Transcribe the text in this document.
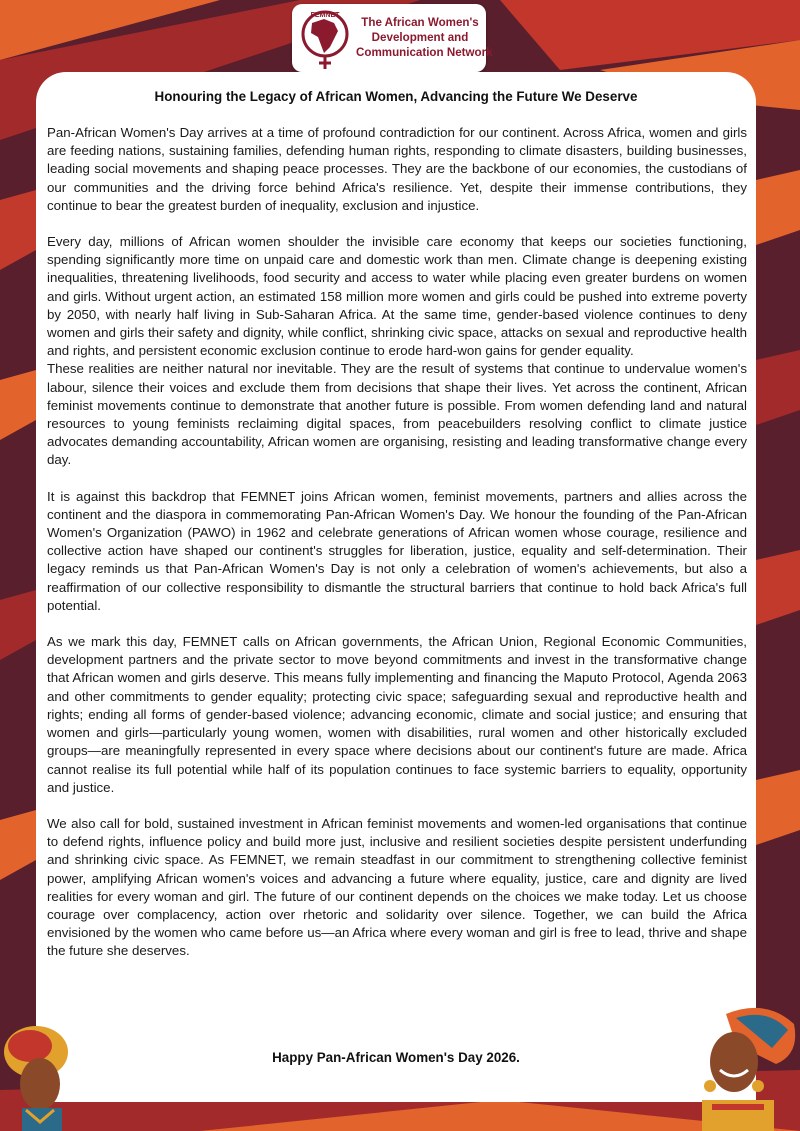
FEMNET
The African Women's
Development and
Communication Network
Honouring the Legacy of African Women, Advancing the Future We Deserve

Pan-African Women's Day arrives at a time of profound contradiction for our continent. Across Africa, women and girls are feeding nations, sustaining families, defending human rights, responding to climate disasters, building businesses, leading social movements and shaping peace processes. They are the backbone of our economies, the custodians of our communities and the driving force behind Africa's resilience. Yet, despite their immense contributions, they continue to bear the greatest burden of inequality, exclusion and injustice.

Every day, millions of African women shoulder the invisible care economy that keeps our societies functioning, spending significantly more time on unpaid care and domestic work than men. Climate change is deepening existing inequalities, threatening livelihoods, food security and access to water while placing even greater burdens on women and girls. Without urgent action, an estimated 158 million more women and girls could be pushed into extreme poverty by 2050, with nearly half living in Sub-Saharan Africa. At the same time, gender-based violence continues to deny women and girls their safety and dignity, while conflict, shrinking civic space, attacks on sexual and reproductive health and rights, and persistent economic exclusion continue to erode hard-won gains for gender equality.

These realities are neither natural nor inevitable. They are the result of systems that continue to undervalue women's labour, silence their voices and exclude them from decisions that shape their lives. Yet across the continent, African feminist movements continue to demonstrate that another future is possible. From women defending land and natural resources to young feminists reclaiming digital spaces, from peacebuilders resolving conflict to climate justice advocates demanding accountability, African women are organising, resisting and leading transformative change every day.

It is against this backdrop that FEMNET joins African women, feminist movements, partners and allies across the continent and the diaspora in commemorating Pan-African Women's Day. We honour the founding of the Pan-African Women's Organization (PAWO) in 1962 and celebrate generations of African women whose courage, resilience and collective action have shaped our continent's struggles for liberation, justice, equality and self-determination. Their legacy reminds us that Pan-African Women's Day is not only a celebration of women's achievements, but also a reaffirmation of our collective responsibility to dismantle the structural barriers that continue to hold back Africa's full potential.

As we mark this day, FEMNET calls on African governments, the African Union, Regional Economic Communities, development partners and the private sector to move beyond commitments and invest in the transformative change that African women and girls deserve. This means fully implementing and financing the Maputo Protocol, Agenda 2063 and other commitments to gender equality; protecting civic space; safeguarding sexual and reproductive health and rights; ending all forms of gender-based violence; advancing economic, climate and social justice; and ensuring that women and girls—particularly young women, women with disabilities, rural women and other historically excluded groups—are meaningfully represented in every space where decisions about our continent's future are made. Africa cannot realise its full potential while half of its population continues to face systemic barriers to equality, opportunity and justice.

We also call for bold, sustained investment in African feminist movements and women-led organisations that continue to defend rights, influence policy and build more just, inclusive and resilient societies despite persistent underfunding and shrinking civic space. As FEMNET, we remain steadfast in our commitment to strengthening collective feminist power, amplifying African women's voices and advancing a future where equality, justice, care and dignity are lived realities for every woman and girl. The future of our continent depends on the choices we make today. Let us choose courage over complacency, action over rhetoric and solidarity over silence. Together, we can build the Africa envisioned by the women who came before us—an Africa where every woman and girl is free to lead, thrive and shape the future she deserves.

Happy Pan-African Women's Day 2026.
